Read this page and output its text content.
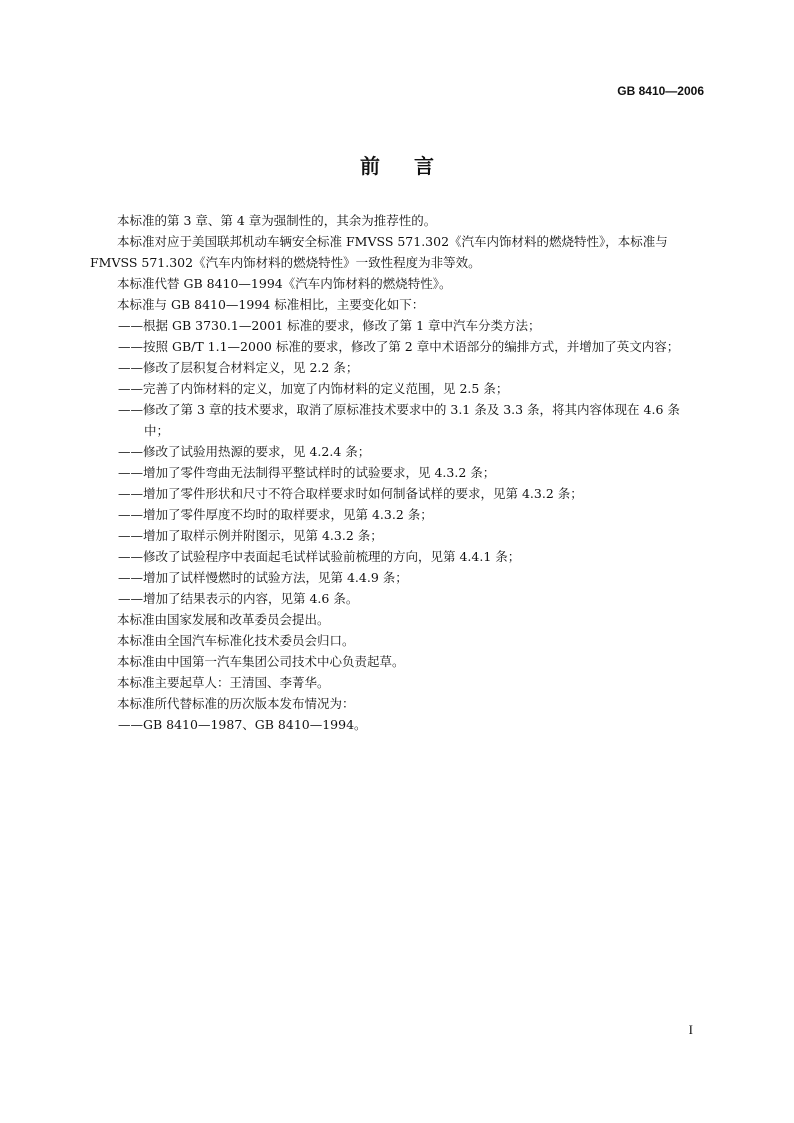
GB 8410—2006
前言

本标准的第 3 章、第 4 章为强制性的，其余为推荐性的。

本标准对应于美国联邦机动车辆安全标准 FMVSS 571.302《汽车内饰材料的燃烧特性》，本标准与 FMVSS 571.302《汽车内饰材料的燃烧特性》一致性程度为非等效。

本标准代替 GB 8410—1994《汽车内饰材料的燃烧特性》。

本标准与 GB 8410—1994 标准相比，主要变化如下：

——根据 GB 3730.1—2001 标准的要求，修改了第 1 章中汽车分类方法；

——按照 GB/T 1.1—2000 标准的要求，修改了第 2 章中术语部分的编排方式，并增加了英文内容；

——修改了层积复合材料定义，见 2.2 条；

——完善了内饰材料的定义，加宽了内饰材料的定义范围，见 2.5 条；

——修改了第 3 章的技术要求，取消了原标准技术要求中的 3.1 条及 3.3 条，将其内容体现在 4.6 条中；

——修改了试验用热源的要求，见 4.2.4 条；

——增加了零件弯曲无法制得平整试样时的试验要求，见 4.3.2 条；

——增加了零件形状和尺寸不符合取样要求时如何制备试样的要求，见第 4.3.2 条；

——增加了零件厚度不均时的取样要求，见第 4.3.2 条；

——增加了取样示例并附图示，见第 4.3.2 条；

——修改了试验程序中表面起毛试样试验前梳理的方向，见第 4.4.1 条；

——增加了试样慢燃时的试验方法，见第 4.4.9 条；

——增加了结果表示的内容，见第 4.6 条。

本标准由国家发展和改革委员会提出。

本标准由全国汽车标准化技术委员会归口。

本标准由中国第一汽车集团公司技术中心负责起草。

本标准主要起草人：王清国、李菁华。

本标准所代替标准的历次版本发布情况为：

——GB 8410—1987、GB 8410—1994。

I
